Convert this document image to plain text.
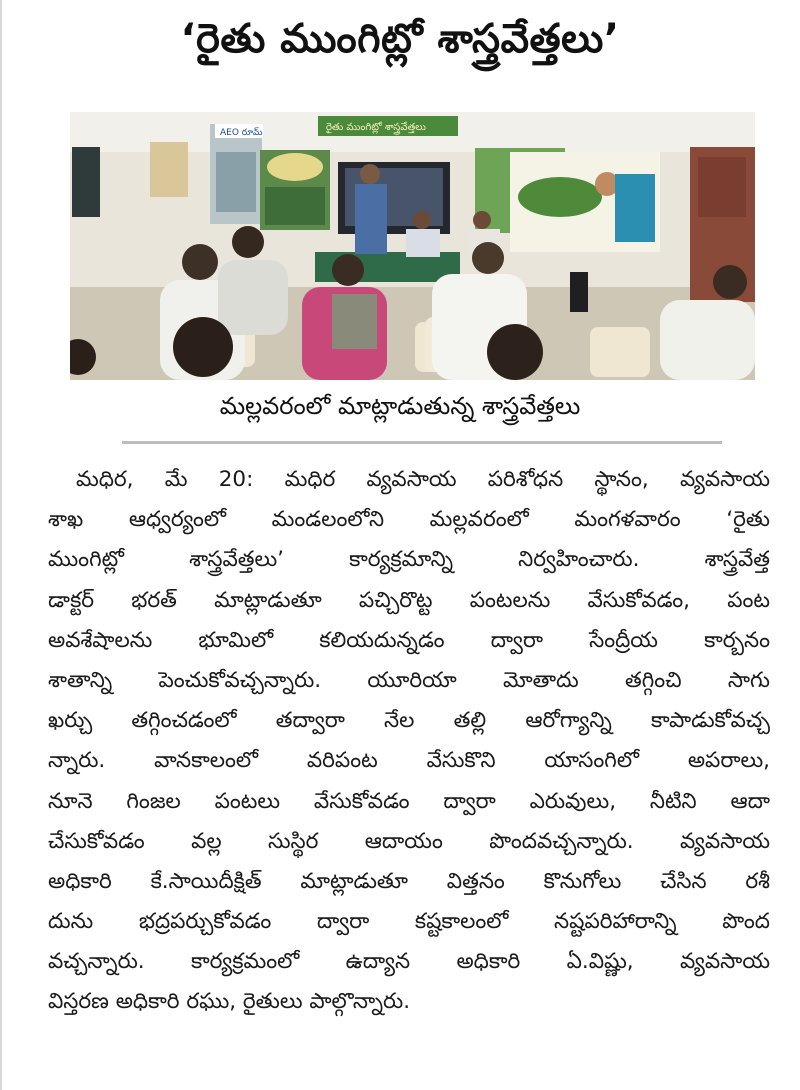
‘రైతు ముంగిట్లో శాస్త్రవేత్తలు’
AEO రూమ్	రైతు ముంగిట్లో శాస్త్రవేత్తలు
మల్లవరంలో మాట్లాడుతున్న శాస్త్రవేత్తలు
మధిర, మే 20: మధిర వ్యవసాయ పరిశోధన స్థానం, వ్యవసాయ
శాఖ ఆధ్వర్యంలో మండలంలోని మల్లవరంలో మంగళవారం ‘రైతు
ముంగిట్లో శాస్త్రవేత్తలు’ కార్యక్రమాన్ని నిర్వహించారు. శాస్త్రవేత్త
డాక్టర్ భరత్ మాట్లాడుతూ పచ్చిరొట్ట పంటలను వేసుకోవడం, పంట
అవశేషాలను భూమిలో కలియదున్నడం ద్వారా సేంద్రీయ కార్బనం
శాతాన్ని పెంచుకోవచ్చన్నారు. యూరియా మోతాదు తగ్గించి సాగు
ఖర్చు తగ్గించడంలో తద్వారా నేల తల్లి ఆరోగ్యాన్ని కాపాడుకోవచ్చ
న్నారు. వానకాలంలో వరిపంట వేసుకొని యాసంగిలో అపరాలు,
నూనె గింజల పంటలు వేసుకోవడం ద్వారా ఎరువులు, నీటిని ఆదా
చేసుకోవడం వల్ల సుస్థిర ఆదాయం పొందవచ్చన్నారు. వ్యవసాయ
అధికారి కే.సాయిదీక్షిత్ మాట్లాడుతూ విత్తనం కొనుగోలు చేసిన రశీ
దును భద్రపర్చుకోవడం ద్వారా కష్టకాలంలో నష్టపరిహారాన్ని పొంద
వచ్చన్నారు. కార్యక్రమంలో ఉద్యాన అధికారి ఏ.విష్ణు, వ్యవసాయ
విస్తరణ అధికారి రఘు, రైతులు పాల్గొన్నారు.
